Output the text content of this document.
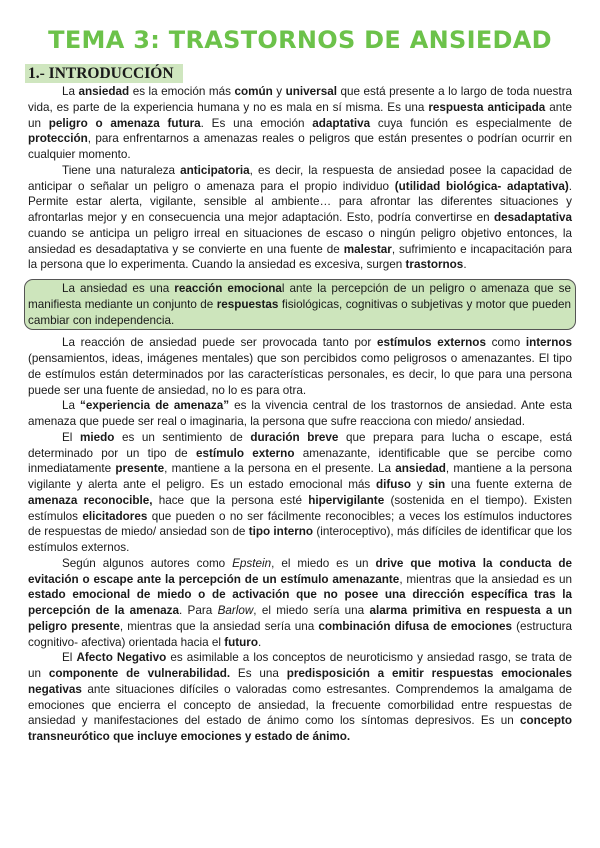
TEMA 3: TRASTORNOS DE ANSIEDAD
1.- INTRODUCCIÓN

La ansiedad es la emoción más común y universal que está presente a lo largo de toda nuestra vida, es parte de la experiencia humana y no es mala en sí misma. Es una respuesta anticipada ante un peligro o amenaza futura. Es una emoción adaptativa cuya función es especialmente de protección, para enfrentarnos a amenazas reales o peligros que están presentes o podrían ocurrir en cualquier momento.

Tiene una naturaleza anticipatoria, es decir, la respuesta de ansiedad posee la capacidad de anticipar o señalar un peligro o amenaza para el propio individuo (utilidad biológica- adaptativa). Permite estar alerta, vigilante, sensible al ambiente… para afrontar las diferentes situaciones y afrontarlas mejor y en consecuencia una mejor adaptación. Esto, podría convertirse en desadaptativa cuando se anticipa un peligro irreal en situaciones de escaso o ningún peligro objetivo entonces, la ansiedad es desadaptativa y se convierte en una fuente de malestar, sufrimiento e incapacitación para la persona que lo experimenta. Cuando la ansiedad es excesiva, surgen trastornos.

La ansiedad es una reacción emocional ante la percepción de un peligro o amenaza que se manifiesta mediante un conjunto de respuestas fisiológicas, cognitivas o subjetivas y motor que pueden cambiar con independencia.

La reacción de ansiedad puede ser provocada tanto por estímulos externos como internos (pensamientos, ideas, imágenes mentales) que son percibidos como peligrosos o amenazantes. El tipo de estímulos están determinados por las características personales, es decir, lo que para una persona puede ser una fuente de ansiedad, no lo es para otra.

La “experiencia de amenaza” es la vivencia central de los trastornos de ansiedad. Ante esta amenaza que puede ser real o imaginaria, la persona que sufre reacciona con miedo/ ansiedad.

El miedo es un sentimiento de duración breve que prepara para lucha o escape, está determinado por un tipo de estímulo externo amenazante, identificable que se percibe como inmediatamente presente, mantiene a la persona en el presente. La ansiedad, mantiene a la persona vigilante y alerta ante el peligro. Es un estado emocional más difuso y sin una fuente externa de amenaza reconocible, hace que la persona esté hipervigilante (sostenida en el tiempo). Existen estímulos elicitadores que pueden o no ser fácilmente reconocibles; a veces los estímulos inductores de respuestas de miedo/ ansiedad son de tipo interno (interoceptivo), más difíciles de identificar que los estímulos externos.

Según algunos autores como Epstein, el miedo es un drive que motiva la conducta de evitación o escape ante la percepción de un estímulo amenazante, mientras que la ansiedad es un estado emocional de miedo o de activación que no posee una dirección específica tras la percepción de la amenaza. Para Barlow, el miedo sería una alarma primitiva en respuesta a un peligro presente, mientras que la ansiedad sería una combinación difusa de emociones (estructura cognitivo- afectiva) orientada hacia el futuro.

El Afecto Negativo es asimilable a los conceptos de neuroticismo y ansiedad rasgo, se trata de un componente de vulnerabilidad. Es una predisposición a emitir respuestas emocionales negativas ante situaciones difíciles o valoradas como estresantes. Comprendemos la amalgama de emociones que encierra el concepto de ansiedad, la frecuente comorbilidad entre respuestas de ansiedad y manifestaciones del estado de ánimo como los síntomas depresivos. Es un concepto transneurótico que incluye emociones y estado de ánimo.
